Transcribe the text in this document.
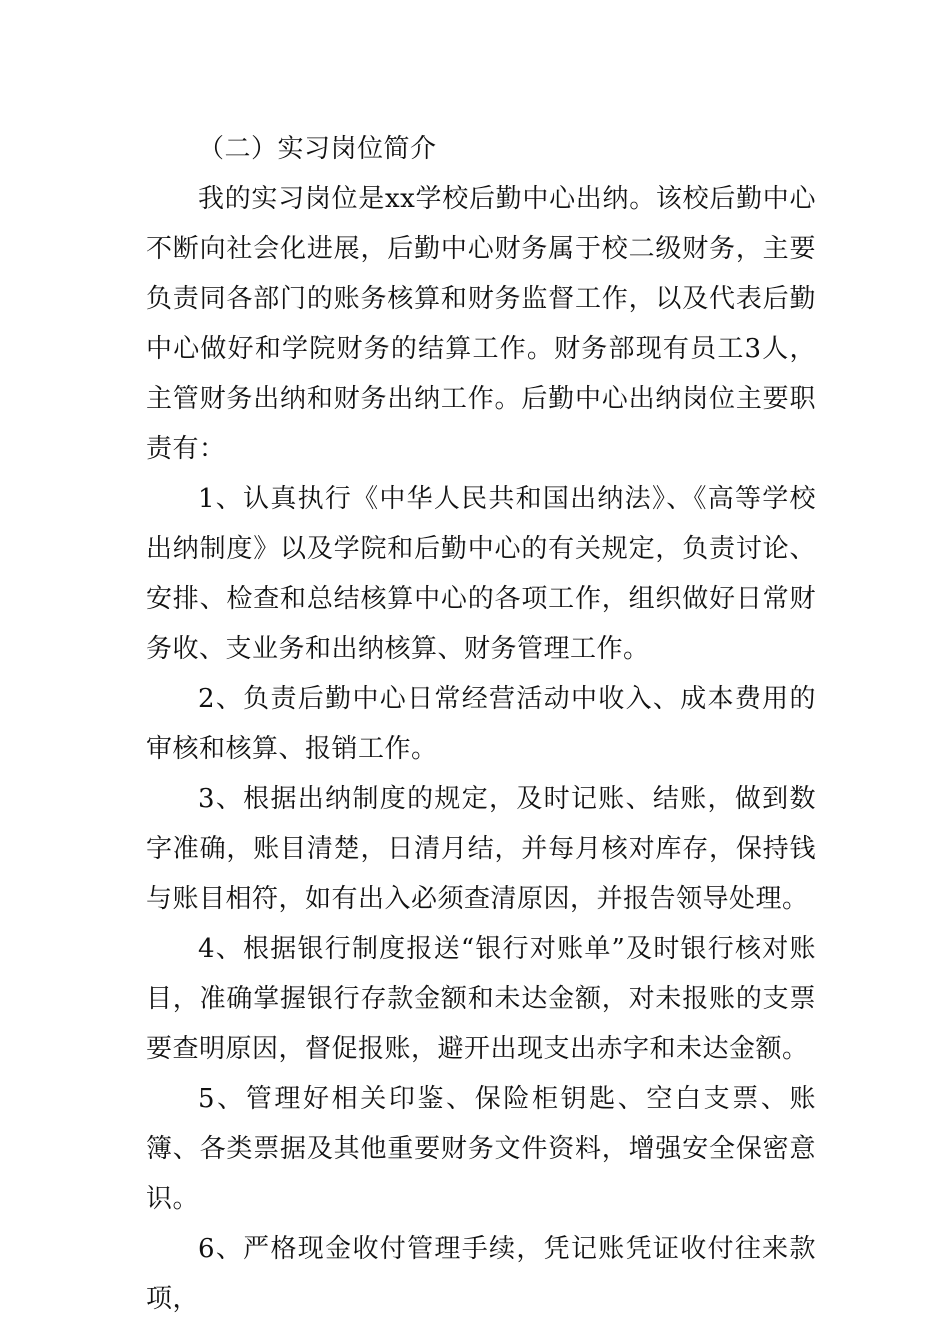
（二）实习岗位简介

我的实习岗位是xx学校后勤中心出纳。该校后勤中心不断向社会化进展，后勤中心财务属于校二级财务，主要负责同各部门的账务核算和财务监督工作，以及代表后勤中心做好和学院财务的结算工作。财务部现有员工3人，主管财务出纳和财务出纳工作。后勤中心出纳岗位主要职责有：

1、认真执行《中华人民共和国出纳法》、《高等学校出纳制度》以及学院和后勤中心的有关规定，负责讨论、安排、检查和总结核算中心的各项工作，组织做好日常财务收、支业务和出纳核算、财务管理工作。

2、负责后勤中心日常经营活动中收入、成本费用的审核和核算、报销工作。

3、根据出纳制度的规定，及时记账、结账，做到数字准确，账目清楚，日清月结，并每月核对库存，保持钱与账目相符，如有出入必须查清原因，并报告领导处理。

4、根据银行制度报送“银行对账单”及时银行核对账目，准确掌握银行存款金额和未达金额，对未报账的支票要查明原因，督促报账，避开出现支出赤字和未达金额。

5、管理好相关印鉴、保险柜钥匙、空白支票、账簿、各类票据及其他重要财务文件资料，增强安全保密意识。

6、严格现金收付管理手续，凭记账凭证收付往来款项，
